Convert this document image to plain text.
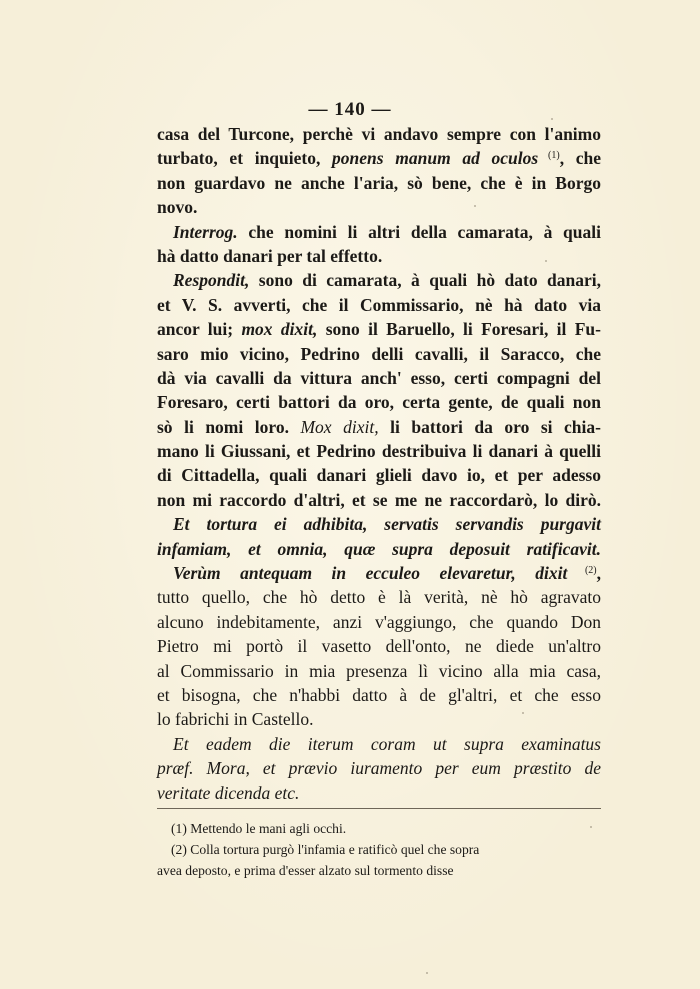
— 140 —
casa del Turcone, perchè vi andavo sempre con l'animo
turbato, et inquieto, ponens manum ad oculos $^{(1)}$, che
non guardavo ne anche l'aria, sò bene, che è in Borgo
novo.
Interrog. che nomini li altri della camarata, à quali
hà datto danari per tal effetto.
Respondit, sono di camarata, à quali hò dato danari,
et V. S. avverti, che il Commissario, nè hà dato via
ancor lui; mox dixit, sono il Baruello, li Foresari, il Fu-
saro mio vicino, Pedrino delli cavalli, il Saracco, che
dà via cavalli da vittura anch' esso, certi compagni del
Foresaro, certi battori da oro, certa gente, de quali non
sò li nomi loro. Mox dixit, li battori da oro si chia-
mano li Giussani, et Pedrino destribuiva li danari à quelli
di Cittadella, quali danari glieli davo io, et per adesso
non mi raccordo d'altri, et se me ne raccordarò, lo dirò.
Et tortura ei adhibita, servatis servandis purgavit
infamiam, et omnia, quæ supra deposuit ratificavit.
Verùm antequam in ecculeo elevaretur, dixit $^{(2)}$,
tutto quello, che hò detto è là verità, nè hò agravato
alcuno indebitamente, anzi v'aggiungo, che quando Don
Pietro mi portò il vasetto dell'onto, ne diede un'altro
al Commissario in mia presenza lì vicino alla mia casa,
et bisogna, che n'habbi datto à de gl'altri, et che esso
lo fabrichi in Castello.
Et eadem die iterum coram ut supra examinatus
præf. Mora, et prævio iuramento per eum præstito de
veritate dicenda etc.
(1) Mettendo le mani agli occhi.
(2) Colla tortura purgò l'infamia e ratificò quel che sopra
avea deposto, e prima d'esser alzato sul tormento disse
